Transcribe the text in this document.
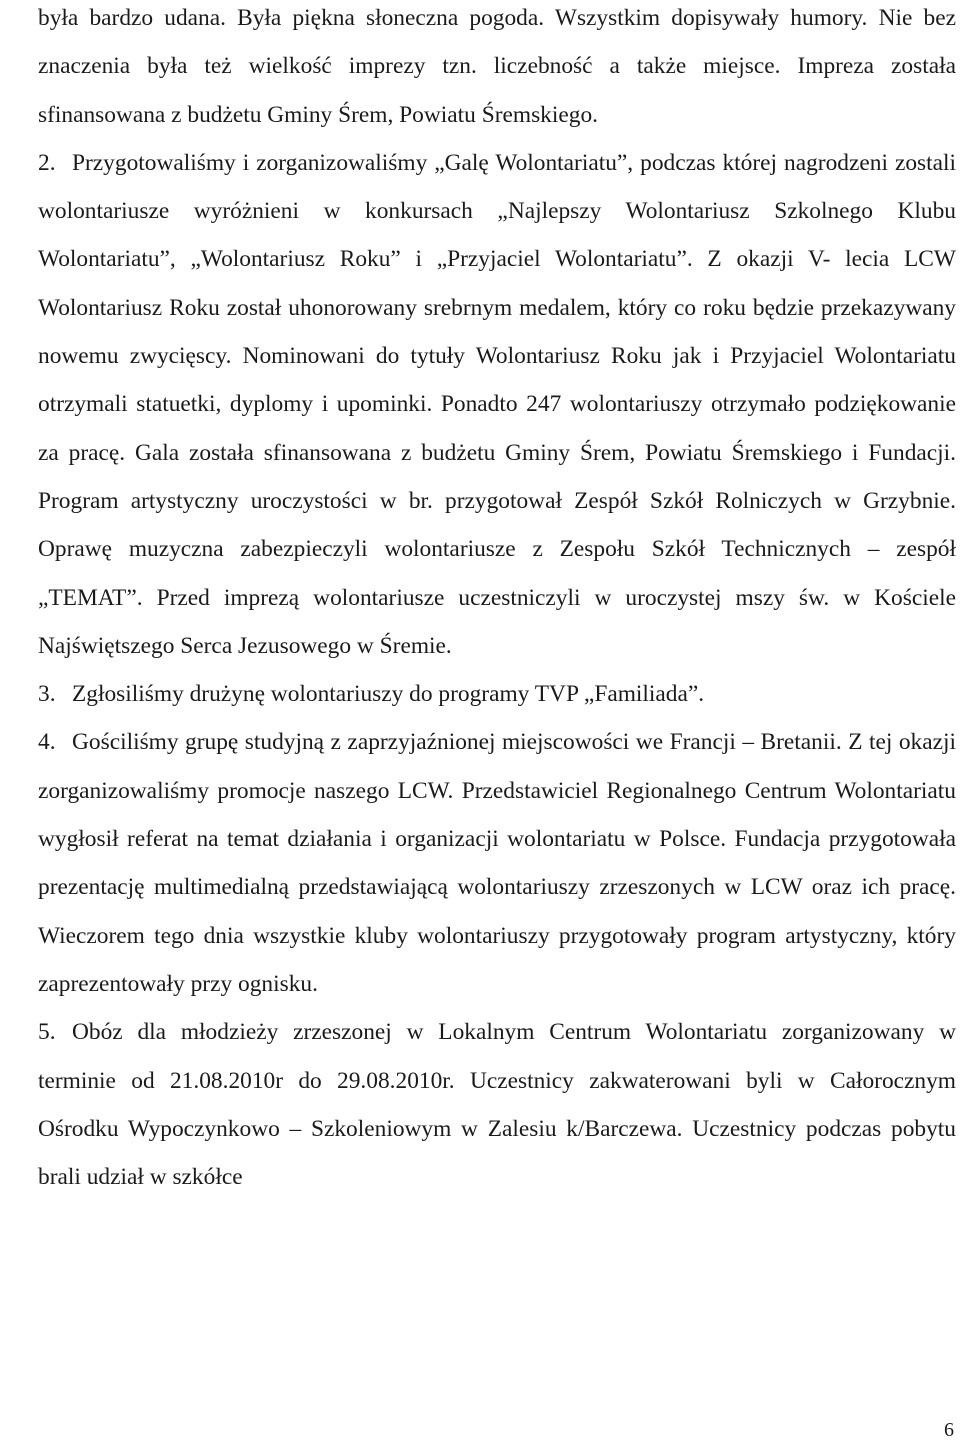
była bardzo udana. Była piękna słoneczna pogoda. Wszystkim dopisywały humory. Nie bez znaczenia była też wielkość imprezy tzn. liczebność a także miejsce. Impreza została sfinansowana z budżetu Gminy Śrem, Powiatu Śremskiego.

2. Przygotowaliśmy i zorganizowaliśmy „Galę Wolontariatu”, podczas której nagrodzeni zostali wolontariusze wyróżnieni w konkursach „Najlepszy Wolontariusz Szkolnego Klubu Wolontariatu”, „Wolontariusz Roku” i „Przyjaciel Wolontariatu”. Z okazji V- lecia LCW Wolontariusz Roku został uhonorowany srebrnym medalem, który co roku będzie przekazywany nowemu zwycięscy. Nominowani do tytuły Wolontariusz Roku jak i Przyjaciel Wolontariatu otrzymali statuetki, dyplomy i upominki. Ponadto 247 wolontariuszy otrzymało podziękowanie za pracę. Gala została sfinansowana z budżetu Gminy Śrem, Powiatu Śremskiego i Fundacji. Program artystyczny uroczystości w br. przygotował Zespół Szkół Rolniczych w Grzybnie. Oprawę muzyczna zabezpieczyli wolontariusze z Zespołu Szkół Technicznych – zespół „TEMAT”. Przed imprezą wolontariusze uczestniczyli w uroczystej mszy św. w Kościele Najświętszego Serca Jezusowego w Śremie.

3. Zgłosiliśmy drużynę wolontariuszy do programy TVP „Familiada”.

4. Gościliśmy grupę studyjną z zaprzyjaźnionej miejscowości we Francji – Bretanii. Z tej okazji zorganizowaliśmy promocje naszego LCW. Przedstawiciel Regionalnego Centrum Wolontariatu wygłosił referat na temat działania i organizacji wolontariatu w Polsce. Fundacja przygotowała prezentację multimedialną przedstawiającą wolontariuszy zrzeszonych w LCW oraz ich pracę. Wieczorem tego dnia wszystkie kluby wolontariuszy przygotowały program artystyczny, który zaprezentowały przy ognisku.

5. Obóz dla młodzieży zrzeszonej w Lokalnym Centrum Wolontariatu zorganizowany w terminie od 21.08.2010r do 29.08.2010r. Uczestnicy zakwaterowani byli w Całorocznym Ośrodku Wypoczynkowo – Szkoleniowym w Zalesiu k/Barczewa. Uczestnicy podczas pobytu brali udział w szkółce

6
